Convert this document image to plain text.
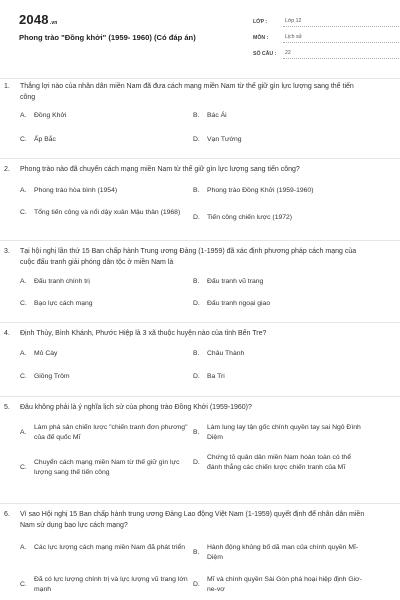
2048.vn
Phong trào "Đồng khởi" (1959- 1960) (Có đáp án)
LỚP :	Lớp 12
MÔN :	Lịch sử
SỐ CÂU :	22
1.	Thắng lợi nào của nhân dân miền Nam đã đưa cách mạng miền Nam từ thế giữ gìn lực lượng sang thế tiến công
A.	Đồng Khởi	B.	Bác Ái
C.	Ấp Bắc	D.	Vạn Tường
2.	Phong trào nào đã chuyển cách mạng miền Nam từ thế giữ gìn lực lượng sang tiến công?
A.	Phong trào hòa bình (1954)	B.	Phong trào Đồng Khởi (1959-1960)
C.	Tổng tiến công và nổi dậy xuân Mậu thân (1968)
D.	Tiến công chiến lược (1972)
3.	Tại hội nghị lần thứ 15 Ban chấp hành Trung ương Đảng (1-1959) đã xác định phương pháp cách mạng của cuộc đấu tranh giải phóng dân tộc ở miền Nam là
A.	Đấu tranh chính trị	B.	Đấu tranh vũ trang
C.	Bạo lực cách mạng	D.	Đấu tranh ngoại giao
4.	Định Thủy, Bình Khánh, Phước Hiệp là 3 xã thuộc huyện nào của tỉnh Bến Tre?
A.	Mỏ Cày	B.	Châu Thành
C.	Giồng Trôm	D.	Ba Tri
5.	Đâu không phải là ý nghĩa lịch sử của phong trào Đồng Khởi (1959-1960)?
A.
Làm phá sản chiến lược "chiến tranh đơn phương" của đế quốc Mĩ
B.
Làm lung lay tận gốc chính quyền tay sai Ngô Đình Diệm
C.
Chuyển cách mạng miền Nam từ thế giữ gìn lực lượng sang thế tiến công
D.
Chứng tỏ quân dân miền Nam hoàn toàn có thể đánh thắng các chiến lược chiến tranh của Mĩ
6.	Vì sao Hội nghị 15 Ban chấp hành trung ương Đảng Lao động Việt Nam (1-1959) quyết định để nhân dân miền Nam sử dụng bạo lực cách mạng?
A.	Các lực lượng cách mạng miền Nam đã phát triển
B.
Hành động khủng bố dã man của chính quyền Mĩ- Diệm
C.
Đã có lực lượng chính trị và lực lượng vũ trang lớn mạnh
D.
Mĩ và chính quyền Sài Gòn phá hoại hiệp định Giơ-ne-vơ
